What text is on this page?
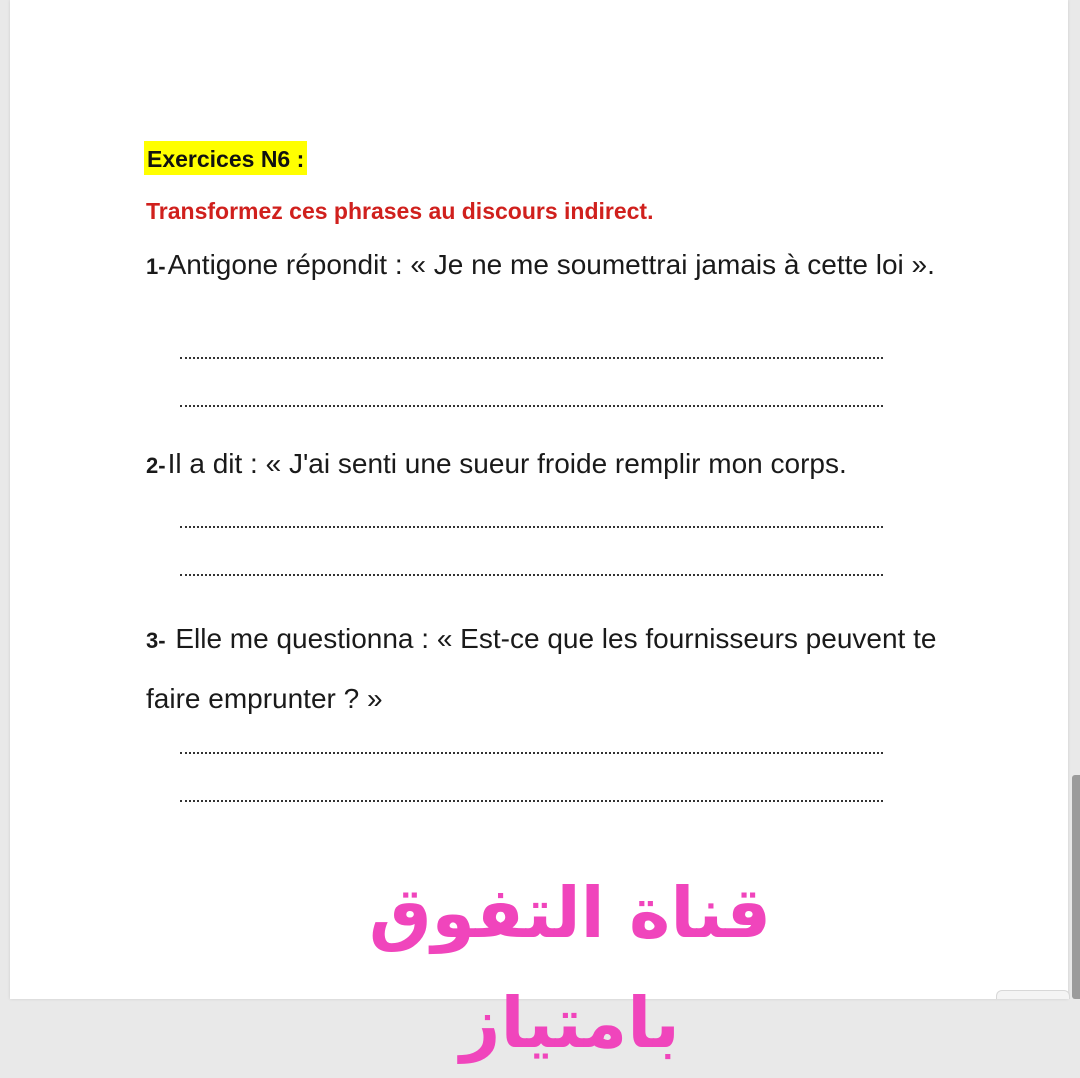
Exercices N6 :
Transformez ces phrases au discours indirect.
1-Antigone répondit : « Je ne me soumettrai jamais à cette loi ».
2-Il a dit : « J'ai senti une sueur froide remplir mon corps.
3- Elle me questionna : « Est-ce que les fournisseurs peuvent te faire emprunter ? »
قناة التفوق بامتياز
